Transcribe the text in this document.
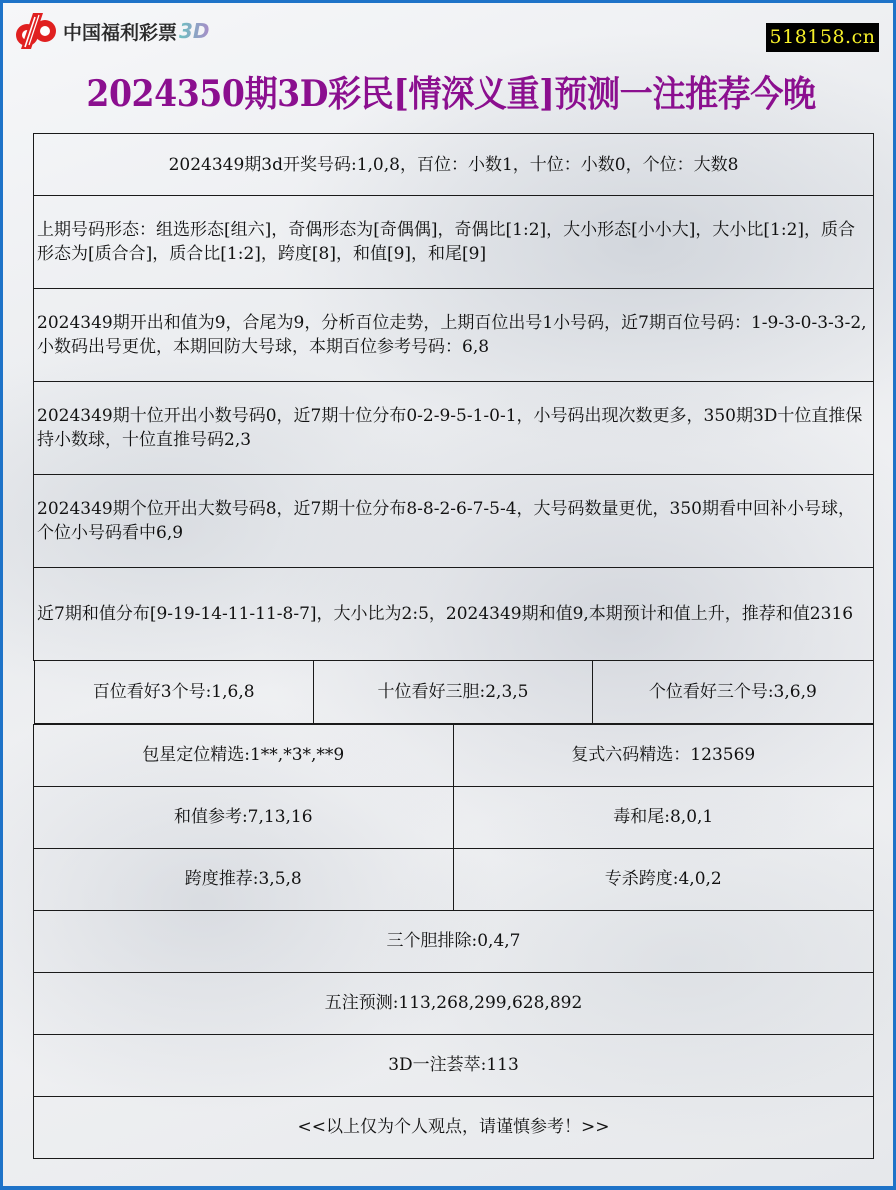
中国福利彩票 3D	518158.cn
2024350期3D彩民[情深义重]预测一注推荐今晚
2024349期3d开奖号码:1,0,8，百位：小数1，十位：小数0，个位：大数8
上期号码形态：组选形态[组六]，奇偶形态为[奇偶偶]，奇偶比[1:2]，大小形态[小小大]，大小比[1:2]，质合形态为[质合合]，质合比[1:2]，跨度[8]，和值[9]，和尾[9]
2024349期开出和值为9，合尾为9，分析百位走势，上期百位出号1小号码，近7期百位号码：1-9-3-0-3-3-2,小数码出号更优，本期回防大号球，本期百位参考号码：6,8
2024349期十位开出小数号码0，近7期十位分布0-2-9-5-1-0-1，小号码出现次数更多，350期3D十位直推保持小数球，十位直推号码2,3
2024349期个位开出大数号码8，近7期十位分布8-8-2-6-7-5-4，大号码数量更优，350期看中回补小号球，个位小号码看中6,9
近7期和值分布[9-19-14-11-11-8-7]，大小比为2:5，2024349期和值9,本期预计和值上升，推荐和值2316

百位看好3个号:1,6,8	十位看好三胆:2,3,5	个位看好三个号:3,6,9

包星定位精选:1**,*3*,**9	复式六码精选：123569
和值参考:7,13,16	毒和尾:8,0,1
跨度推荐:3,5,8	专杀跨度:4,0,2
三个胆排除:0,4,7
五注预测:113,268,299,628,892
3D一注荟萃:113
<<以上仅为个人观点，请谨慎参考！>>
